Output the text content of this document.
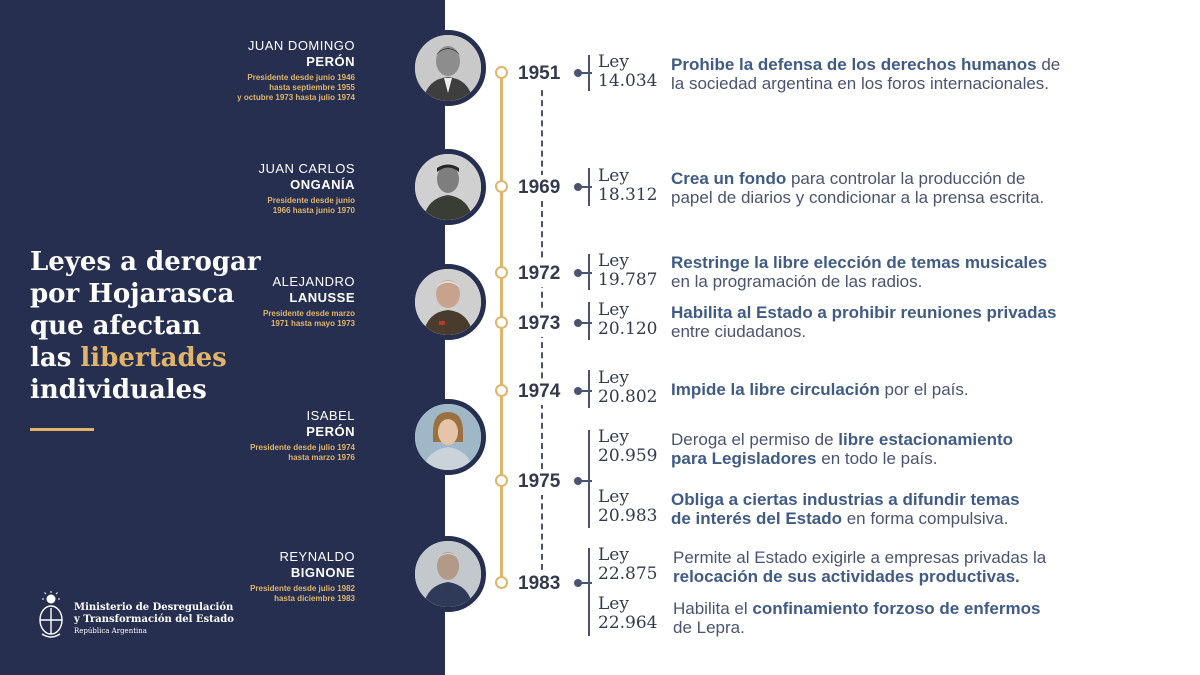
Leyes a derogar
por Hojarasca
que afectan
las libertades
individuales
Ministerio de Desregulación
y Transformación del Estado
República Argentina
JUAN DOMINGO
PERÓN
Presidente desde junio 1946
hasta septiembre 1955
y octubre 1973 hasta julio 1974
JUAN CARLOS
ONGANÍA
Presidente desde junio
1966 hasta junio 1970
ALEJANDRO
LANUSSE
Presidente desde marzo
1971 hasta mayo 1973
ISABEL
PERÓN
Presidente desde julio 1974
hasta marzo 1976
REYNALDO
BIGNONE
Presidente desde julio 1982
hasta diciembre 1983
1951
1969
1972
1973
1974
1975
1983
Ley
14.034
Prohibe la defensa de los derechos humanos de
la sociedad argentina en los foros internacionales.
Ley
18.312
Crea un fondo para controlar la producción de
papel de diarios y condicionar a la prensa escrita.
Ley
19.787
Restringe la libre elección de temas musicales
en la programación de las radios.
Ley
20.120
Habilita al Estado a prohibir reuniones privadas
entre ciudadanos.
Ley
20.802 Impide la libre circulación por el país.
Ley
20.959
Deroga el permiso de libre estacionamiento
para Legisladores en todo le país.
Ley
20.983
Obliga a ciertas industrias a difundir temas
de interés del Estado en forma compulsiva.
Ley
22.875
Permite al Estado exigirle a empresas privadas la
relocación de sus actividades productivas.
Ley
22.964
Habilita el confinamiento forzoso de enfermos
de Lepra.
